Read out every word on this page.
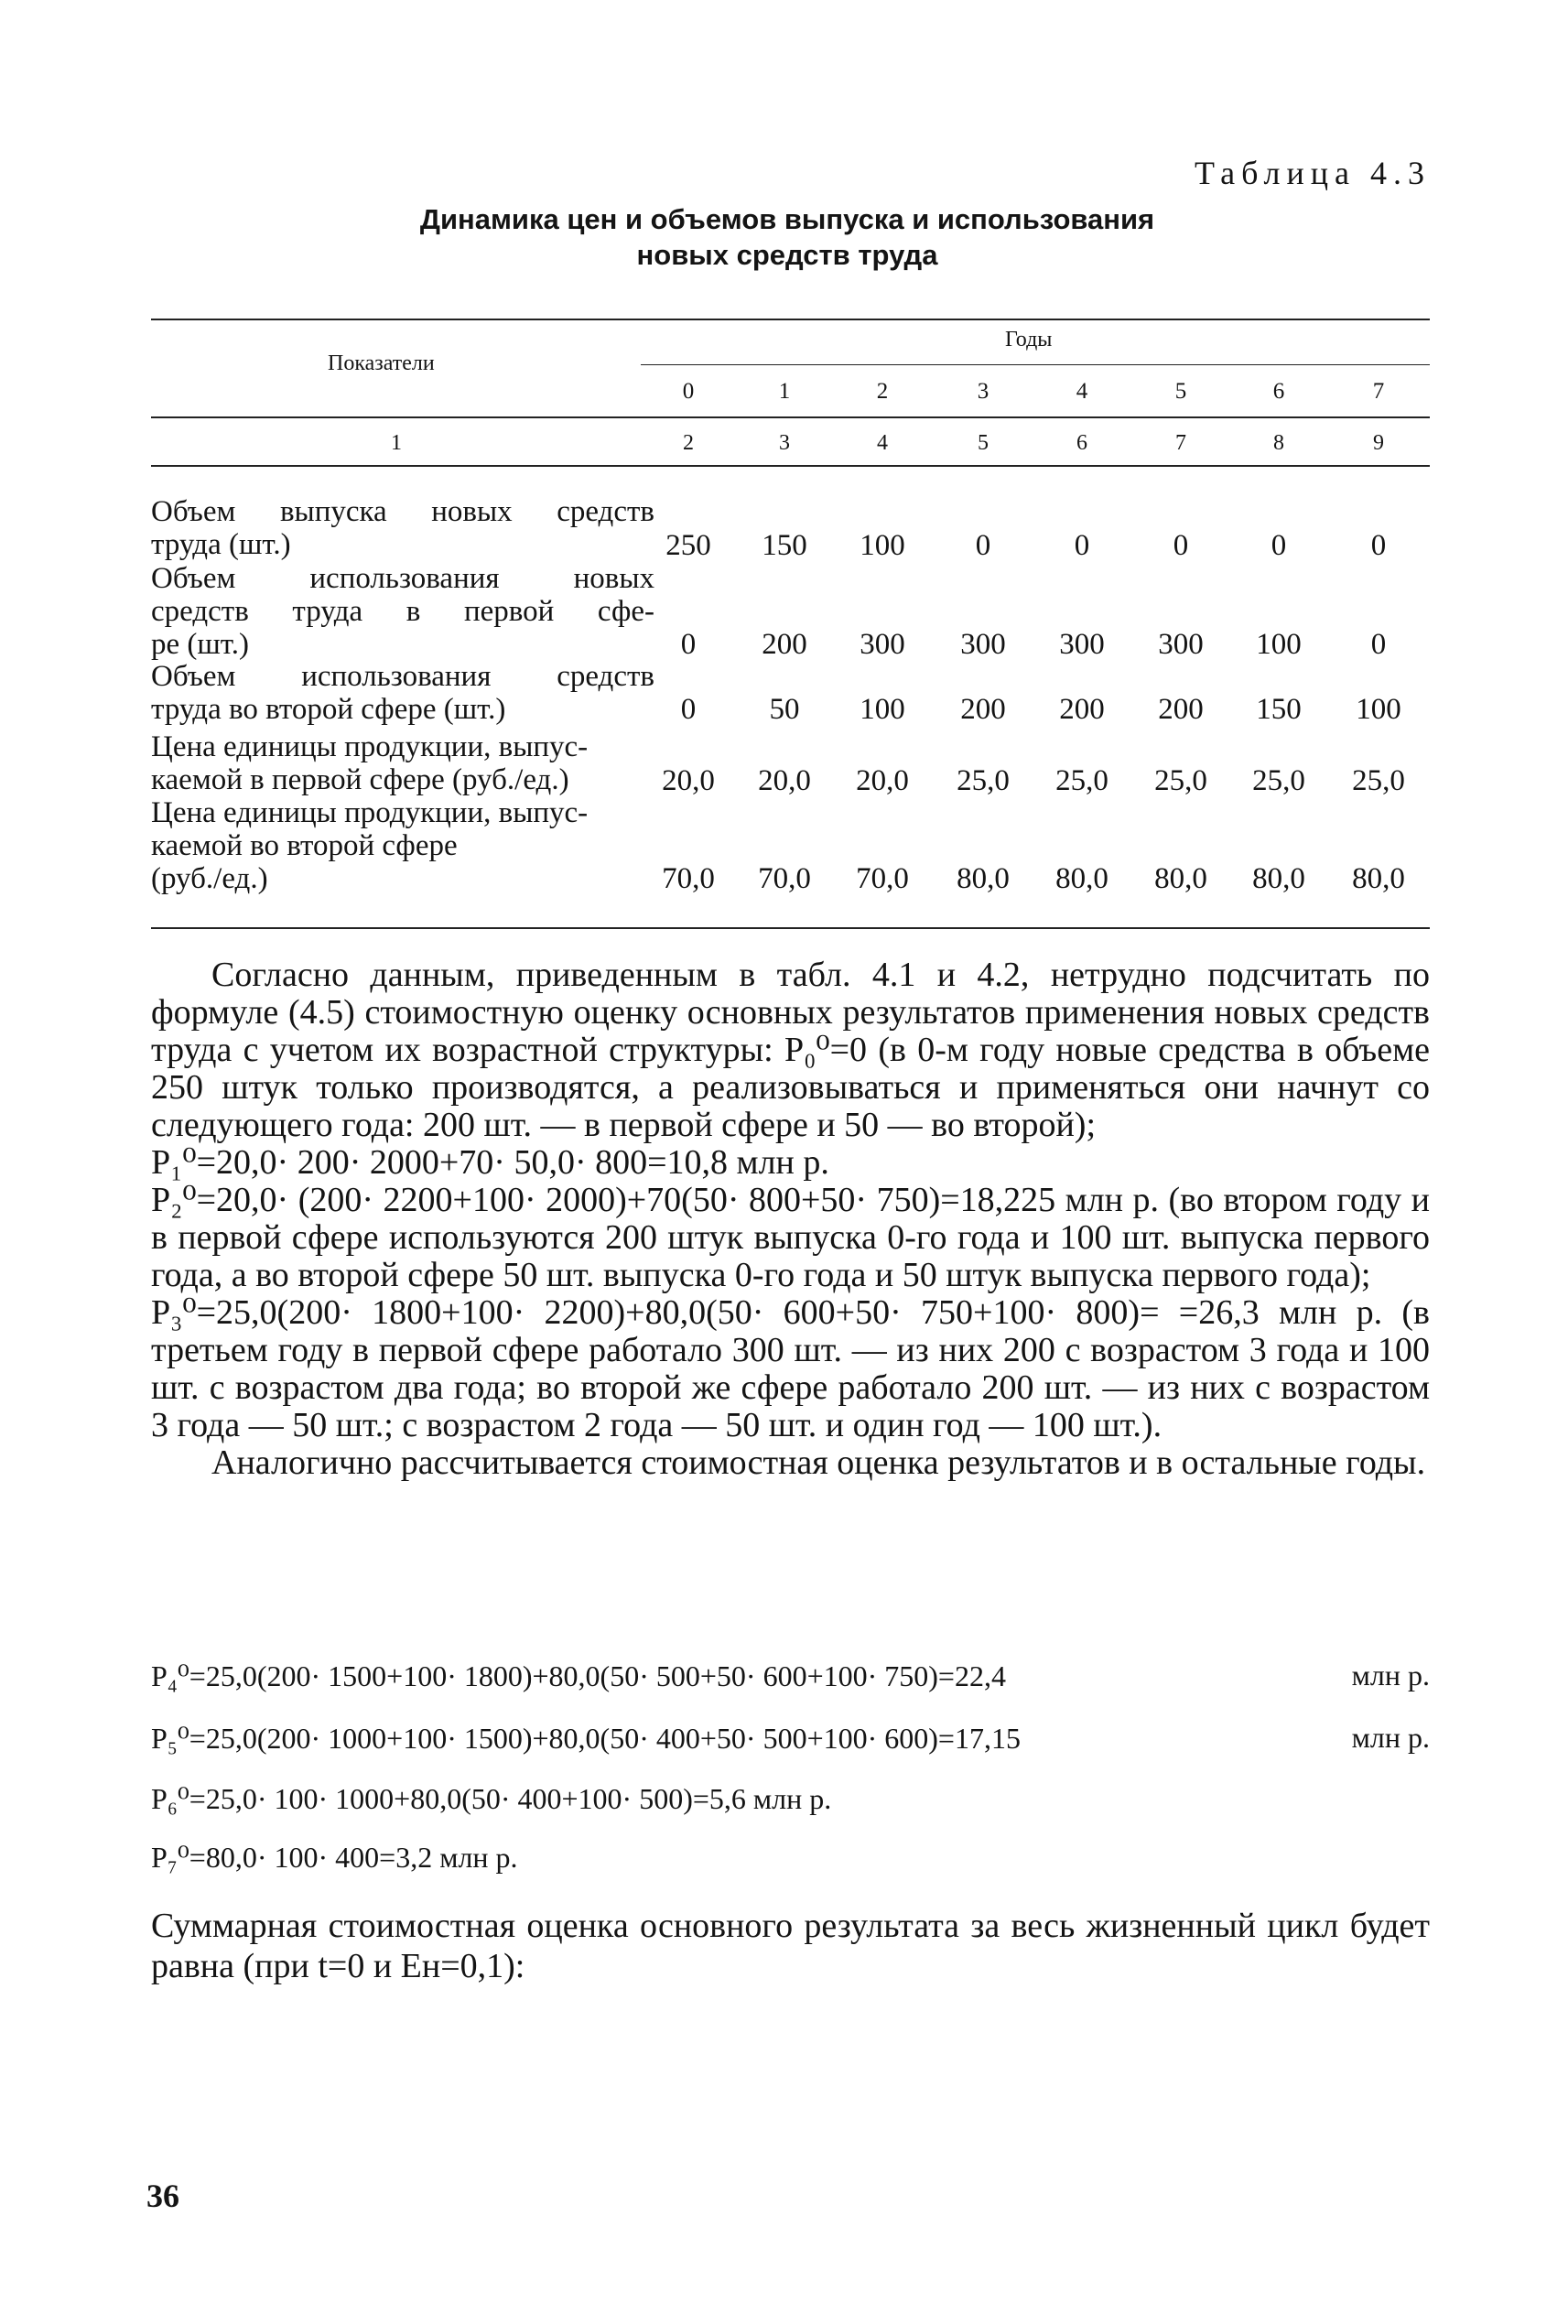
Таблица 4.3
Динамика цен и объемов выпуска и использования
новых средств труда
Показатели
Годы
0	1	2	3	4	5	6	7
1	2	3	4	5	6	7	8	9
Объем выпуска новых средств
труда (шт.)	250	150	100	0	0	0	0	0
Объем использования новых
средств труда в первой сфе-
ре (шт.)	0	200	300	300	300	300	100	0
Объем использования средств
труда во второй сфере (шт.)	0	50	100	200	200	200	150	100
Цена единицы продукции, выпус-
каемой в первой сфере (руб./ед.)	20,0	20,0	20,0	25,0	25,0	25,0	25,0	25,0
Цена единицы продукции, выпус-
каемой во второй сфере
(руб./ед.)	70,0	70,0	70,0	80,0	80,0	80,0	80,0	80,0

Согласно данным, приведенным в табл. 4.1 и 4.2, нетрудно подсчитать по формуле (4.5) стоимостную оценку основных результатов применения новых средств труда с учетом их возрастной структуры: P₀⁰=0 (в 0-м году новые средства в объеме 250 штук только производятся, а реализовываться и применяться они начнут со следующего года: 200 шт. — в первой сфере и 50 — во второй);

P₁⁰=20,0· 200· 2000+70· 50,0· 800=10,8 млн р.

P₂⁰=20,0· (200· 2200+100· 2000)+70(50· 800+50· 750)=18,225 млн р. (во втором году и в первой сфере используются 200 штук выпуска 0-го года и 100 шт. выпуска первого года, а во второй сфере 50 шт. выпуска 0-го года и 50 штук выпуска первого года);

P₃⁰=25,0(200· 1800+100· 2200)+80,0(50· 600+50· 750+100· 800)= =26,3 млн р. (в третьем году в первой сфере работало 300 шт. — из них 200 с возрастом 3 года и 100 шт. с возрастом два года; во второй же сфере работало 200 шт. — из них с возрастом 3 года — 50 шт.; с возрастом 2 года — 50 шт. и один год — 100 шт.).

Аналогично рассчитывается стоимостная оценка результатов и в остальные годы.

P₄⁰=25,0(200· 1500+100· 1800)+80,0(50· 500+50· 600+100· 750)=22,4	млн р.
P₅⁰=25,0(200· 1000+100· 1500)+80,0(50· 400+50· 500+100· 600)=17,15	млн р.
P₆⁰=25,0· 100· 1000+80,0(50· 400+100· 500)=5,6 млн р.
P₇⁰=80,0· 100· 400=3,2 млн р.
Суммарная стоимостная оценка основного результата за весь жизненный цикл будет равна (при t=0 и Eн=0,1):
36
